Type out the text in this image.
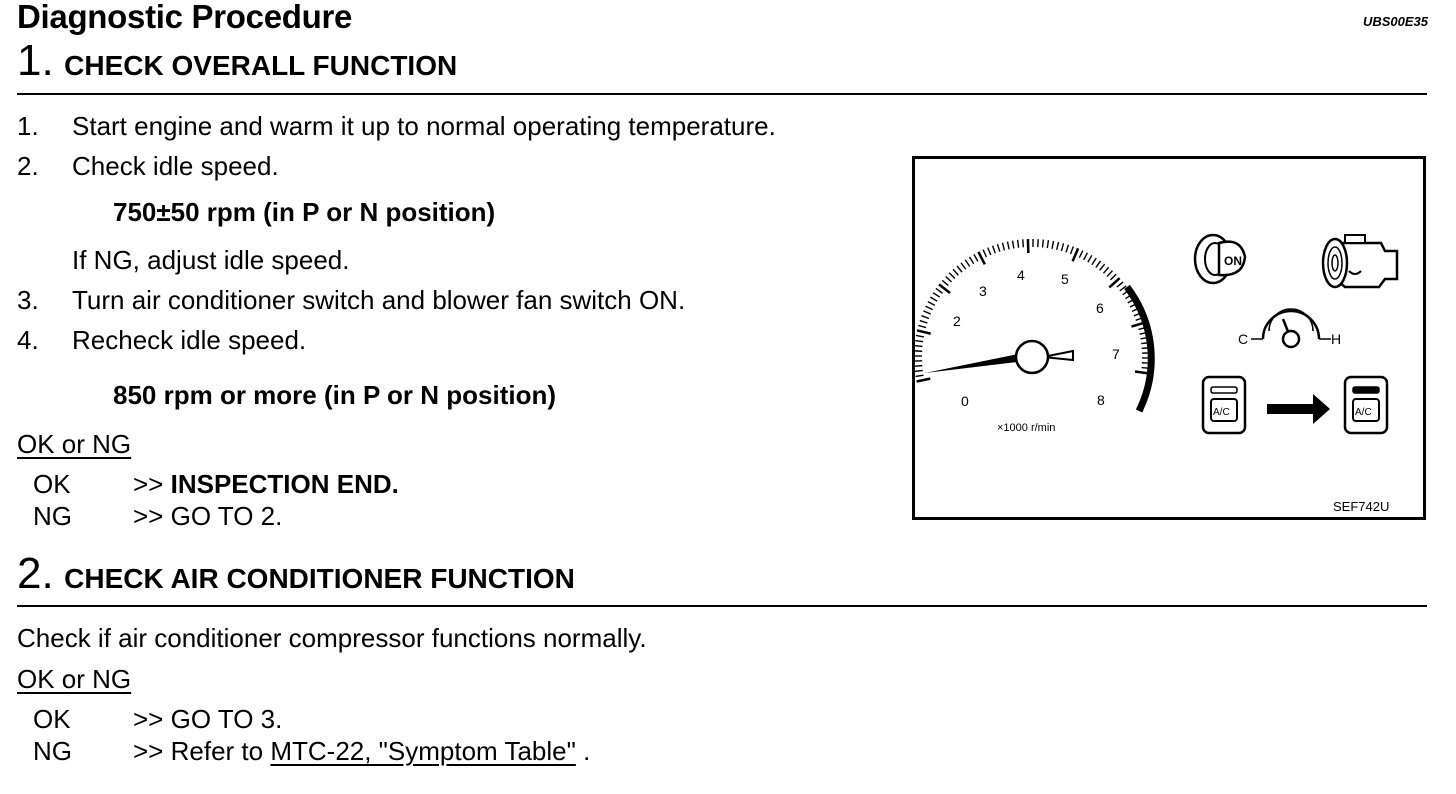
Diagnostic Procedure	UBS00E35
1. CHECK OVERALL FUNCTION
1. Start engine and warm it up to normal operating temperature.
2. Check idle speed.
750±50 rpm (in P or N position)
If NG, adjust idle speed.
3. Turn air conditioner switch and blower fan switch ON.
4. Recheck idle speed.
850 rpm or more (in P or N position)
OK or NG
OK >> INSPECTION END.
NG >> GO TO 2.
0
2
3
4	5
6
7
8
×1000 r/min
ON
C	H
A/C	A/C
SEF742U
2. CHECK AIR CONDITIONER FUNCTION
Check if air conditioner compressor functions normally.
OK or NG
OK >> GO TO 3.
NG >> Refer to MTC-22, "Symptom Table" .
